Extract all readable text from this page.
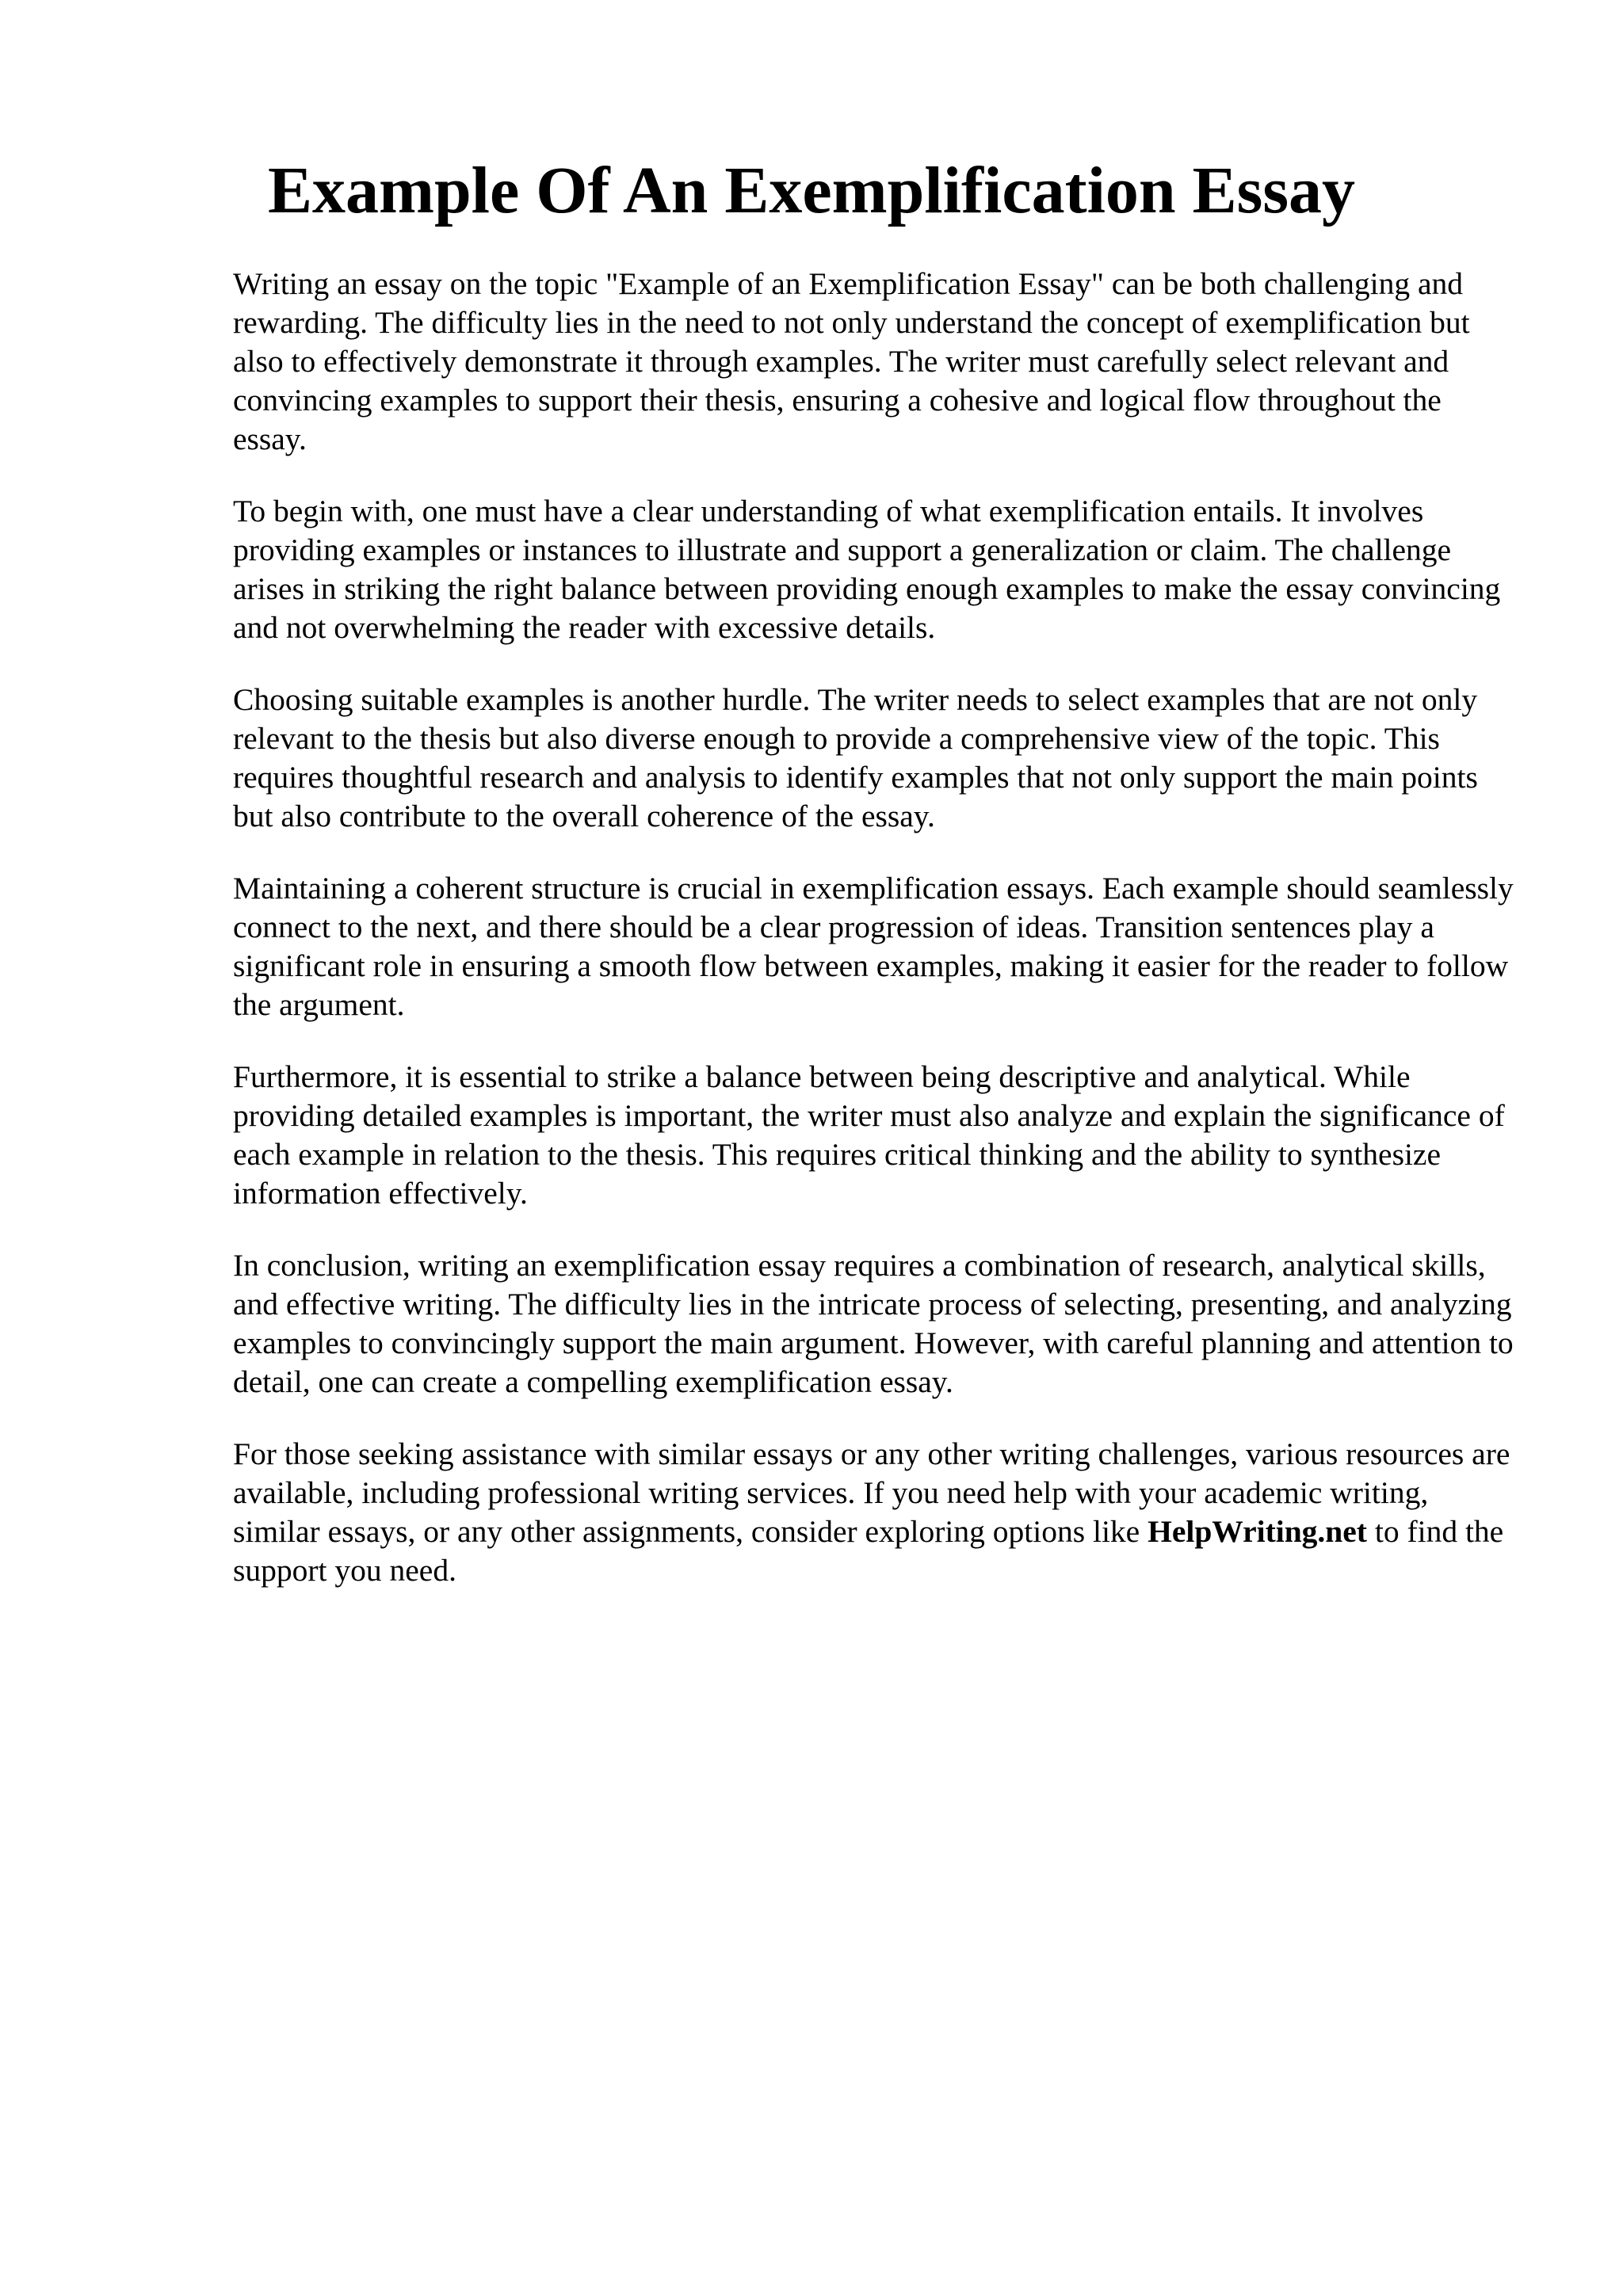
Example Of An Exemplification Essay

Writing an essay on the topic "Example of an Exemplification Essay" can be both challenging and rewarding. The difficulty lies in the need to not only understand the concept of exemplification but also to effectively demonstrate it through examples. The writer must carefully select relevant and convincing examples to support their thesis, ensuring a cohesive and logical flow throughout the essay.

To begin with, one must have a clear understanding of what exemplification entails. It involves providing examples or instances to illustrate and support a generalization or claim. The challenge arises in striking the right balance between providing enough examples to make the essay convincing and not overwhelming the reader with excessive details.

Choosing suitable examples is another hurdle. The writer needs to select examples that are not only relevant to the thesis but also diverse enough to provide a comprehensive view of the topic. This requires thoughtful research and analysis to identify examples that not only support the main points but also contribute to the overall coherence of the essay.

Maintaining a coherent structure is crucial in exemplification essays. Each example should seamlessly connect to the next, and there should be a clear progression of ideas. Transition sentences play a significant role in ensuring a smooth flow between examples, making it easier for the reader to follow the argument.

Furthermore, it is essential to strike a balance between being descriptive and analytical. While providing detailed examples is important, the writer must also analyze and explain the significance of each example in relation to the thesis. This requires critical thinking and the ability to synthesize information effectively.

In conclusion, writing an exemplification essay requires a combination of research, analytical skills, and effective writing. The difficulty lies in the intricate process of selecting, presenting, and analyzing examples to convincingly support the main argument. However, with careful planning and attention to detail, one can create a compelling exemplification essay.

For those seeking assistance with similar essays or any other writing challenges, various resources are available, including professional writing services. If you need help with your academic writing, similar essays, or any other assignments, consider exploring options like HelpWriting.net to find the support you need.
